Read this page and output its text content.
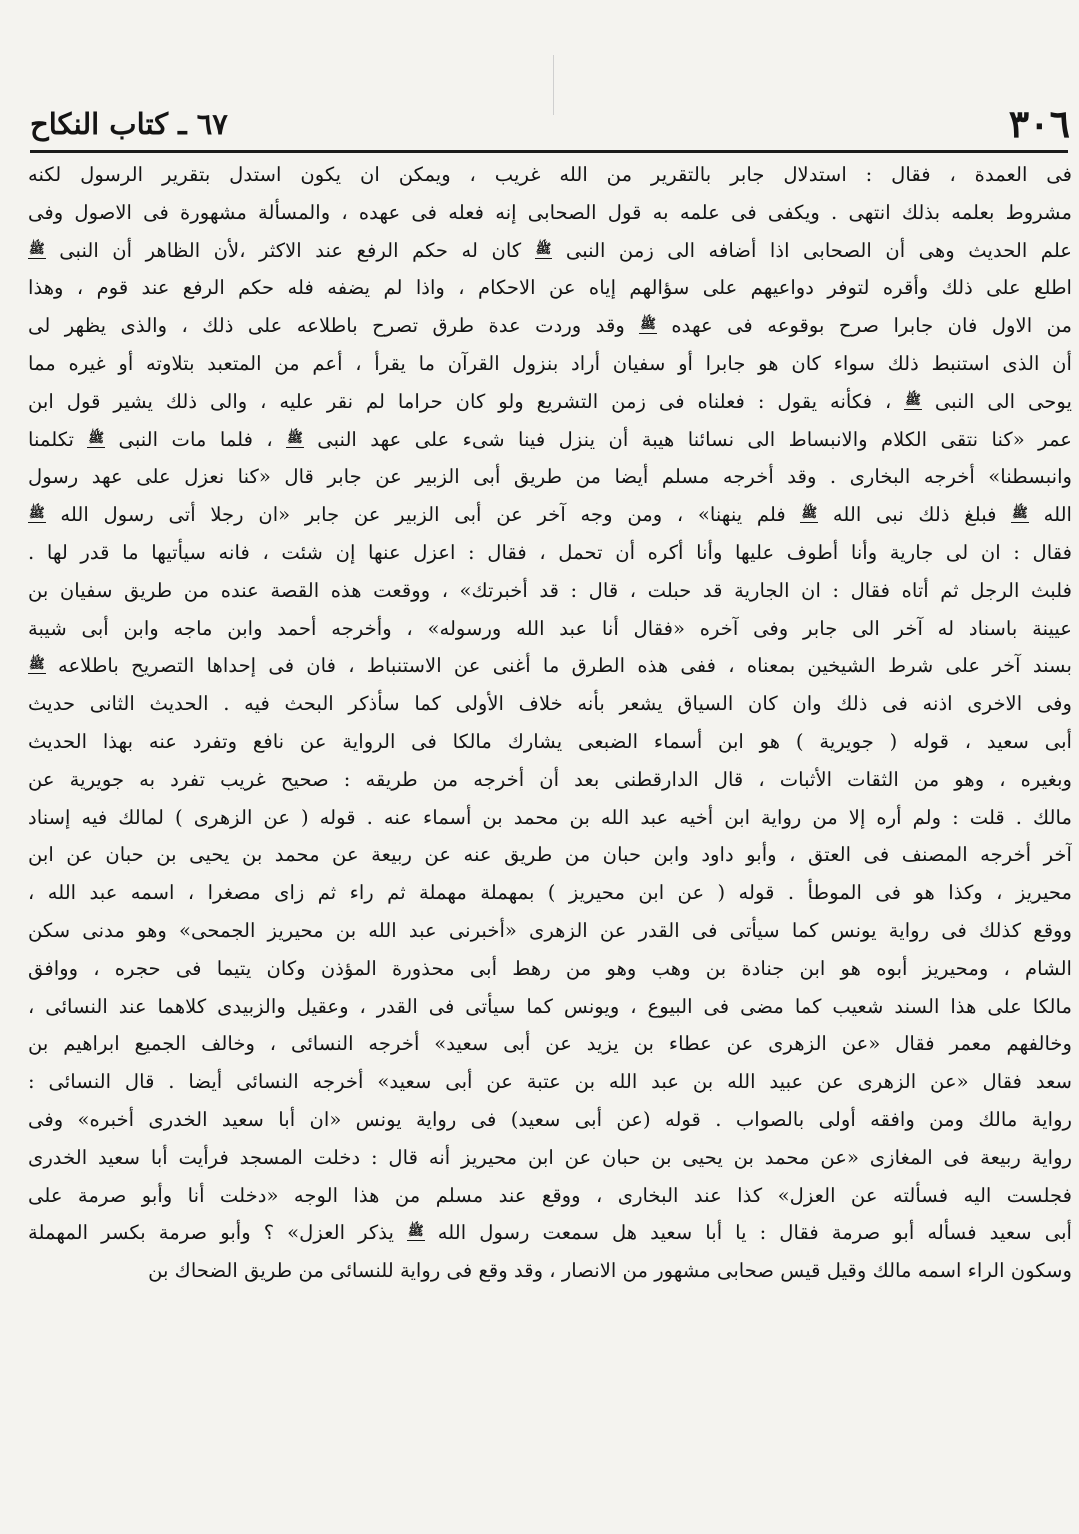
٣٠٦
٦٧ ـ كتاب النكاح
فى العمدة ، فقال : استدلال جابر بالتقرير من الله غريب ، ويمكن ان يكون استدل بتقرير الرسول لكنه
مشروط بعلمه بذلك انتهى . ويكفى فى علمه به قول الصحابى إنه فعله فى عهده ، والمسألة مشهورة فى الاصول وفى
علم الحديث وهى أن الصحابى اذا أضافه الى زمن النبى ﷺ كان له حكم الرفع عند الاكثر ،لأن الظاهر أن النبى ﷺ
اطلع على ذلك وأقره لتوفر دواعيهم على سؤالهم إياه عن الاحكام ، واذا لم يضفه فله حكم الرفع عند قوم ، وهذا
من الاول فان جابرا صرح بوقوعه فى عهده ﷺ وقد وردت عدة طرق تصرح باطلاعه على ذلك ، والذى يظهر لى
أن الذى استنبط ذلك سواء كان هو جابرا أو سفيان أراد بنزول القرآن ما يقرأ ، أعم من المتعبد بتلاوته أو غيره مما
يوحى الى النبى ﷺ ، فكأنه يقول : فعلناه فى زمن التشريع ولو كان حراما لم نقر عليه ، والى ذلك يشير قول ابن
عمر «كنا نتقى الكلام والانبساط الى نسائنا هيبة أن ينزل فينا شىء على عهد النبى ﷺ ، فلما مات النبى ﷺ تكلمنا
وانبسطنا» أخرجه البخارى . وقد أخرجه مسلم أيضا من طريق أبى الزبير عن جابر قال «كنا نعزل على عهد رسول
الله ﷺ فبلغ ذلك نبى الله ﷺ فلم ينهنا» ، ومن وجه آخر عن أبى الزبير عن جابر «ان رجلا أتى رسول الله ﷺ
فقال : ان لى جارية وأنا أطوف عليها وأنا أكره أن تحمل ، فقال : اعزل عنها إن شئت ، فانه سيأتيها ما قدر لها .
فلبث الرجل ثم أتاه فقال : ان الجارية قد حبلت ، قال : قد أخبرتك» ، ووقعت هذه القصة عنده من طريق سفيان بن
عيينة باسناد له آخر الى جابر وفى آخره «فقال أنا عبد الله ورسوله» ، وأخرجه أحمد وابن ماجه وابن أبى شيبة
بسند آخر على شرط الشيخين بمعناه ، ففى هذه الطرق ما أغنى عن الاستنباط ، فان فى إحداها التصريح باطلاعه ﷺ
وفى الاخرى اذنه فى ذلك وان كان السياق يشعر بأنه خلاف الأولى كما سأذكر البحث فيه . الحديث الثانى حديث
أبى سعيد ، قوله ( جويرية ) هو ابن أسماء الضبعى يشارك مالكا فى الرواية عن نافع وتفرد عنه بهذا الحديث
وبغيره ، وهو من الثقات الأثبات ، قال الدارقطنى بعد أن أخرجه من طريقه : صحيح غريب تفرد به جويرية عن
مالك . قلت : ولم أره إلا من رواية ابن أخيه عبد الله بن محمد بن أسماء عنه . قوله ( عن الزهرى ) لمالك فيه إسناد
آخر أخرجه المصنف فى العتق ، وأبو داود وابن حبان من طريق عنه عن ربيعة عن محمد بن يحيى بن حبان عن ابن
محيريز ، وكذا هو فى الموطأ . قوله ( عن ابن محيريز ) بمهملة مهملة ثم راء ثم زاى مصغرا ، اسمه عبد الله ،
ووقع كذلك فى رواية يونس كما سيأتى فى القدر عن الزهرى «أخبرنى عبد الله بن محيريز الجمحى» وهو مدنى سكن
الشام ، ومحيريز أبوه هو ابن جنادة بن وهب وهو من رهط أبى محذورة المؤذن وكان يتيما فى حجره ، ووافق
مالكا على هذا السند شعيب كما مضى فى البيوع ، ويونس كما سيأتى فى القدر ، وعقيل والزبيدى كلاهما عند النسائى ،
وخالفهم معمر فقال «عن الزهرى عن عطاء بن يزيد عن أبى سعيد» أخرجه النسائى ، وخالف الجميع ابراهيم بن
سعد فقال «عن الزهرى عن عبيد الله بن عبد الله بن عتبة عن أبى سعيد» أخرجه النسائى أيضا . قال النسائى :
رواية مالك ومن وافقه أولى بالصواب . قوله (عن أبى سعيد) فى رواية يونس «ان أبا سعيد الخدرى أخبره» وفى
رواية ربيعة فى المغازى «عن محمد بن يحيى بن حبان عن ابن محيريز أنه قال : دخلت المسجد فرأيت أبا سعيد الخدرى
فجلست اليه فسألته عن العزل» كذا عند البخارى ، ووقع عند مسلم من هذا الوجه «دخلت أنا وأبو صرمة على
أبى سعيد فسأله أبو صرمة فقال : يا أبا سعيد هل سمعت رسول الله ﷺ يذكر العزل» ؟ وأبو صرمة بكسر المهملة
وسكون الراء اسمه مالك وقيل قيس صحابى مشهور من الانصار ، وقد وقع فى رواية للنسائى من طريق الضحاك بن
